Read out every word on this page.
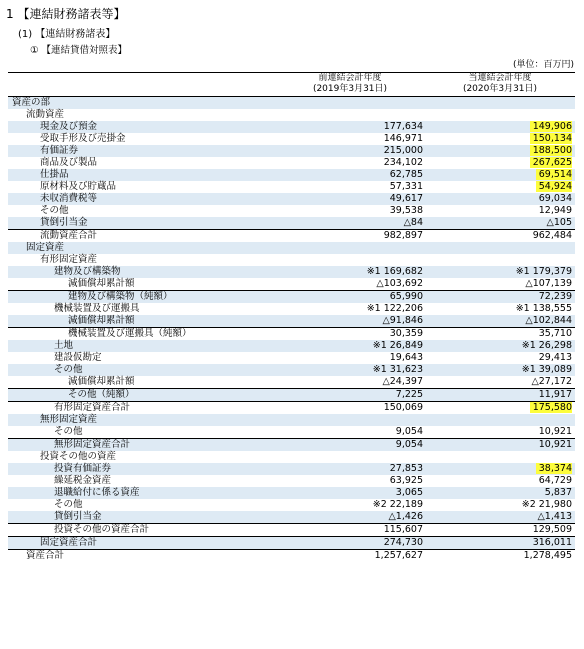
1 【連結財務諸表等】
(1) 【連結財務諸表】
① 【連結貸借対照表】
(単位：百万円)
前連結会計年度
(2019年3月31日)
当連結会計年度
(2020年3月31日)
資産の部
流動資産
現金及び預金	177,634	149,906
受取手形及び売掛金	146,971	150,134
有価証券	215,000	188,500
商品及び製品	234,102	267,625
仕掛品	62,785	69,514
原材料及び貯蔵品	57,331	54,924
未収消費税等	49,617	69,034
その他	39,538	12,949
貸倒引当金	△84	△105
流動資産合計	982,897	962,484
固定資産
有形固定資産
建物及び構築物	※1 169,682	※1 179,379
減価償却累計額	△103,692	△107,139
建物及び構築物（純額）	65,990	72,239
機械装置及び運搬具	※1 122,206	※1 138,555
減価償却累計額	△91,846	△102,844
機械装置及び運搬具（純額）	30,359	35,710
土地	※1 26,849	※1 26,298
建設仮勘定	19,643	29,413
その他	※1 31,623	※1 39,089
減価償却累計額	△24,397	△27,172
その他（純額）	7,225	11,917
有形固定資産合計	150,069	175,580
無形固定資産
その他	9,054	10,921
無形固定資産合計	9,054	10,921
投資その他の資産
投資有価証券	27,853	38,374
繰延税金資産	63,925	64,729
退職給付に係る資産	3,065	5,837
その他	※2 22,189	※2 21,980
貸倒引当金	△1,426	△1,413
投資その他の資産合計	115,607	129,509
固定資産合計	274,730	316,011
資産合計	1,257,627	1,278,495
